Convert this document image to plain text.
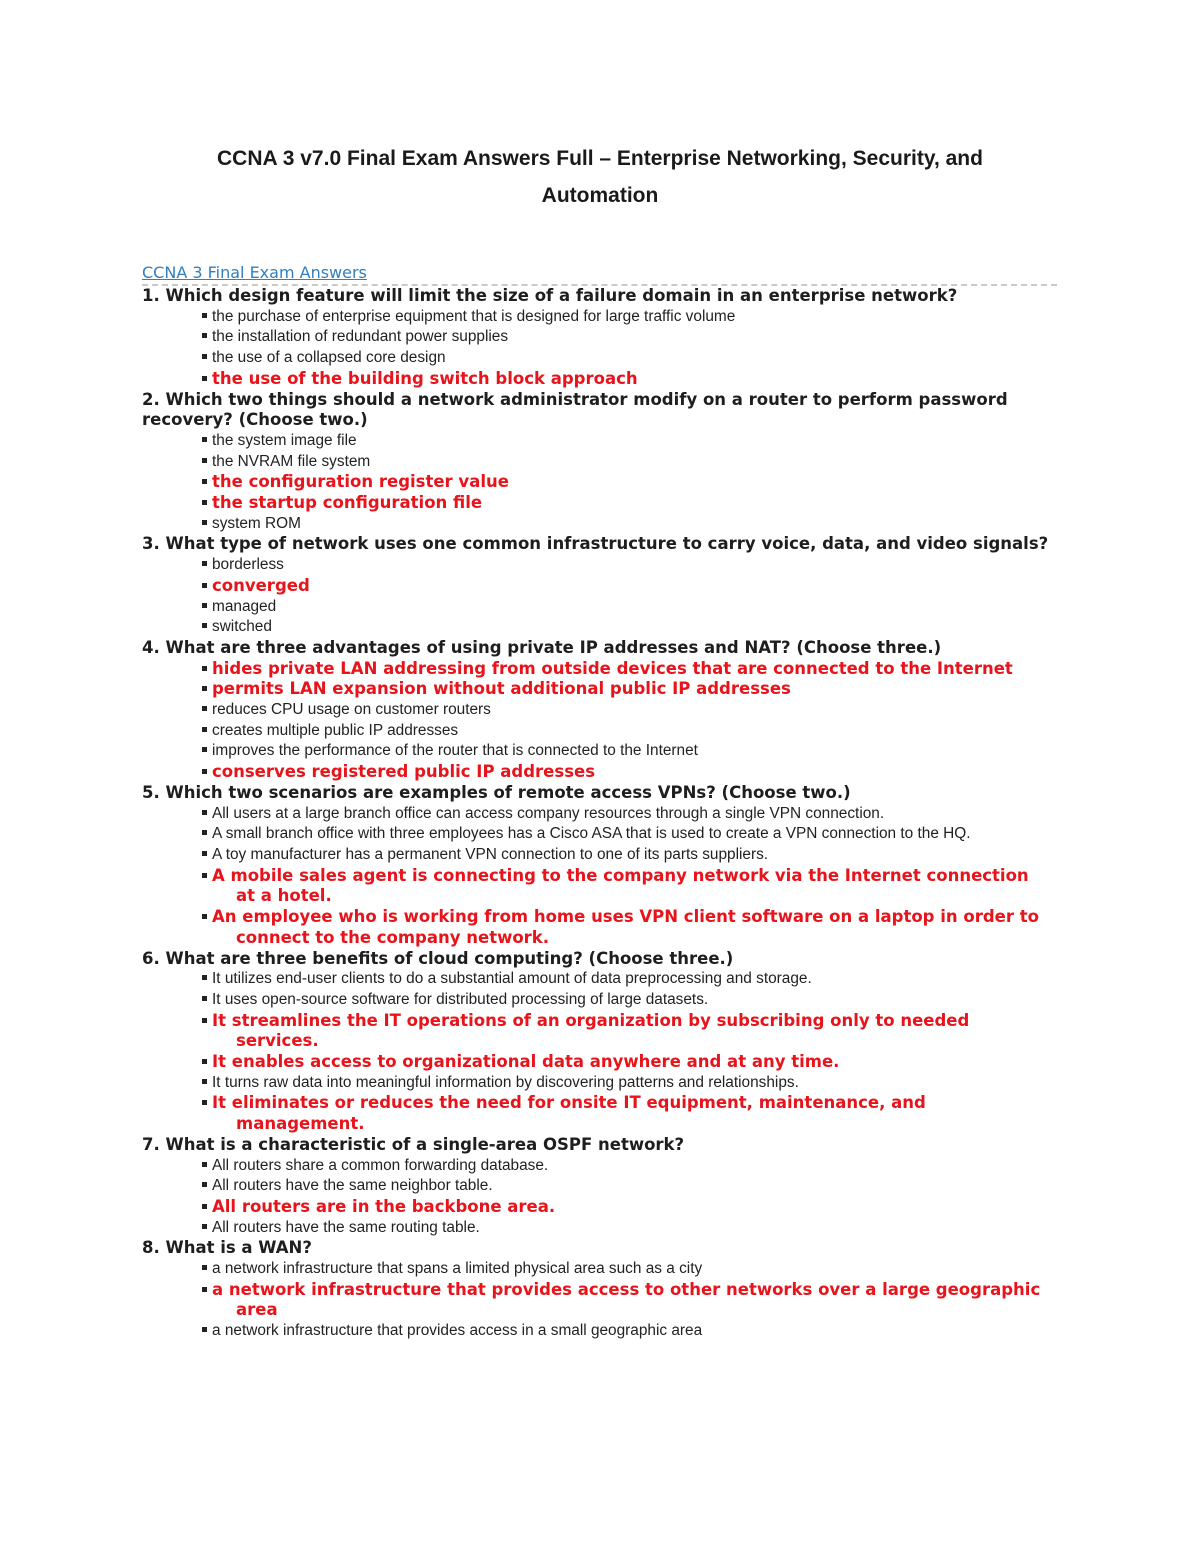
CCNA 3 v7.0 Final Exam Answers Full – Enterprise Networking, Security, and
Automation
CCNA 3 Final Exam Answers
1. Which design feature will limit the size of a failure domain in an enterprise network?
the purchase of enterprise equipment that is designed for large traffic volume
the installation of redundant power supplies
the use of a collapsed core design
the use of the building switch block approach
2. Which two things should a network administrator modify on a router to perform password recovery? (Choose two.)
the system image file
the NVRAM file system
the configuration register value
the startup configuration file
system ROM
3. What type of network uses one common infrastructure to carry voice, data, and video signals?
borderless
converged
managed
switched
4. What are three advantages of using private IP addresses and NAT? (Choose three.)
hides private LAN addressing from outside devices that are connected to the Internet
permits LAN expansion without additional public IP addresses
reduces CPU usage on customer routers
creates multiple public IP addresses
improves the performance of the router that is connected to the Internet
conserves registered public IP addresses
5. Which two scenarios are examples of remote access VPNs? (Choose two.)
All users at a large branch office can access company resources through a single VPN connection.
A small branch office with three employees has a Cisco ASA that is used to create a VPN connection to the HQ.
A toy manufacturer has a permanent VPN connection to one of its parts suppliers.
A mobile sales agent is connecting to the company network via the Internet connection at a hotel.
An employee who is working from home uses VPN client software on a laptop in order to connect to the company network.
6. What are three benefits of cloud computing? (Choose three.)
It utilizes end-user clients to do a substantial amount of data preprocessing and storage.
It uses open-source software for distributed processing of large datasets.
It streamlines the IT operations of an organization by subscribing only to needed services.
It enables access to organizational data anywhere and at any time.
It turns raw data into meaningful information by discovering patterns and relationships.
It eliminates or reduces the need for onsite IT equipment, maintenance, and management.
7. What is a characteristic of a single-area OSPF network?
All routers share a common forwarding database.
All routers have the same neighbor table.
All routers are in the backbone area.
All routers have the same routing table.
8. What is a WAN?
a network infrastructure that spans a limited physical area such as a city
a network infrastructure that provides access to other networks over a large geographic area
a network infrastructure that provides access in a small geographic area
